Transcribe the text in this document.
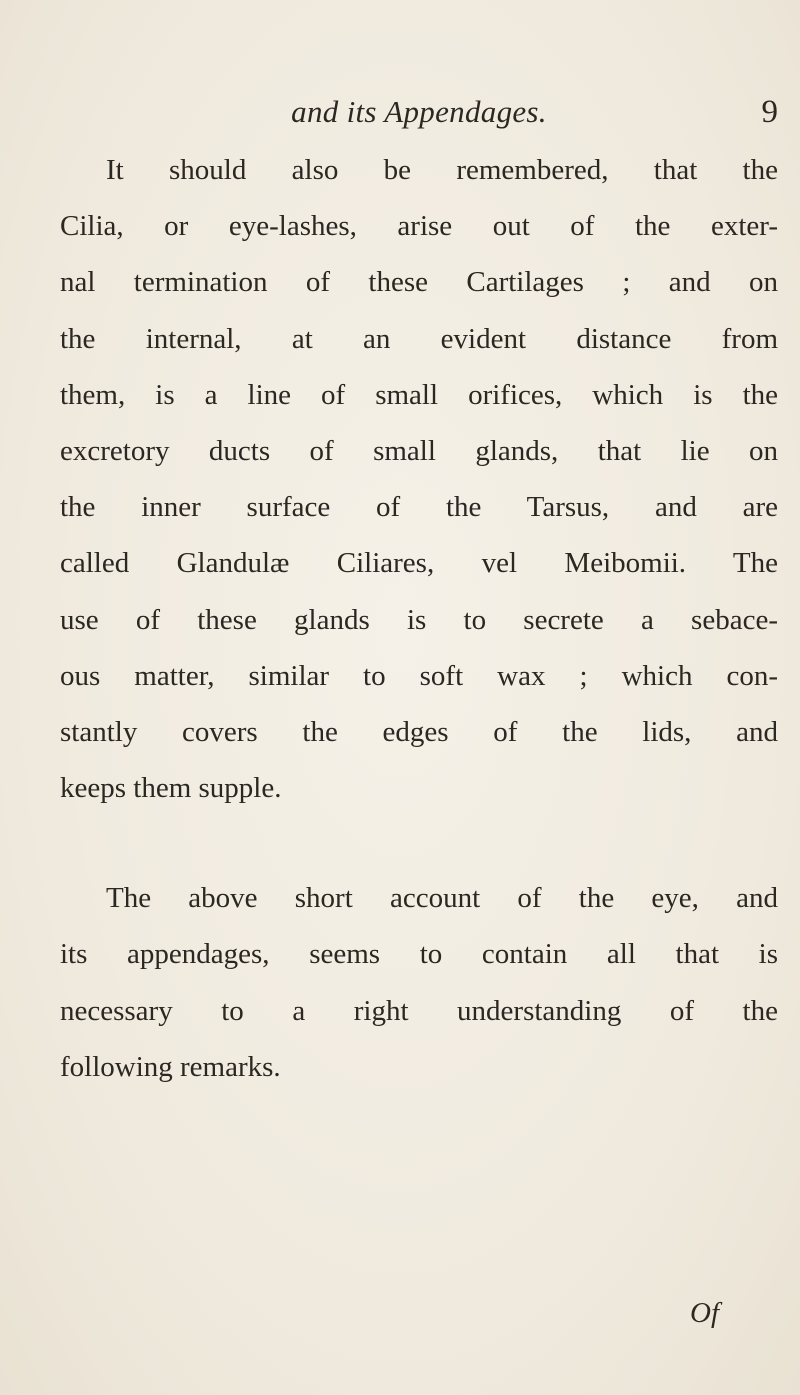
and its Appendages.	9
It should also be remembered, that the
Cilia, or eye-lashes, arise out of the exter-
nal termination of these Cartilages ; and on
the internal, at an evident distance from
them, is a line of small orifices, which is the
excretory ducts of small glands, that lie on
the inner surface of the Tarsus, and are
called Glandulæ Ciliares, vel Meibomii. The
use of these glands is to secrete a sebace-
ous matter, similar to soft wax ; which con-
stantly covers the edges of the lids, and
keeps them supple.
The above short account of the eye, and
its appendages, seems to contain all that is
necessary to a right understanding of the
following remarks.
Of
